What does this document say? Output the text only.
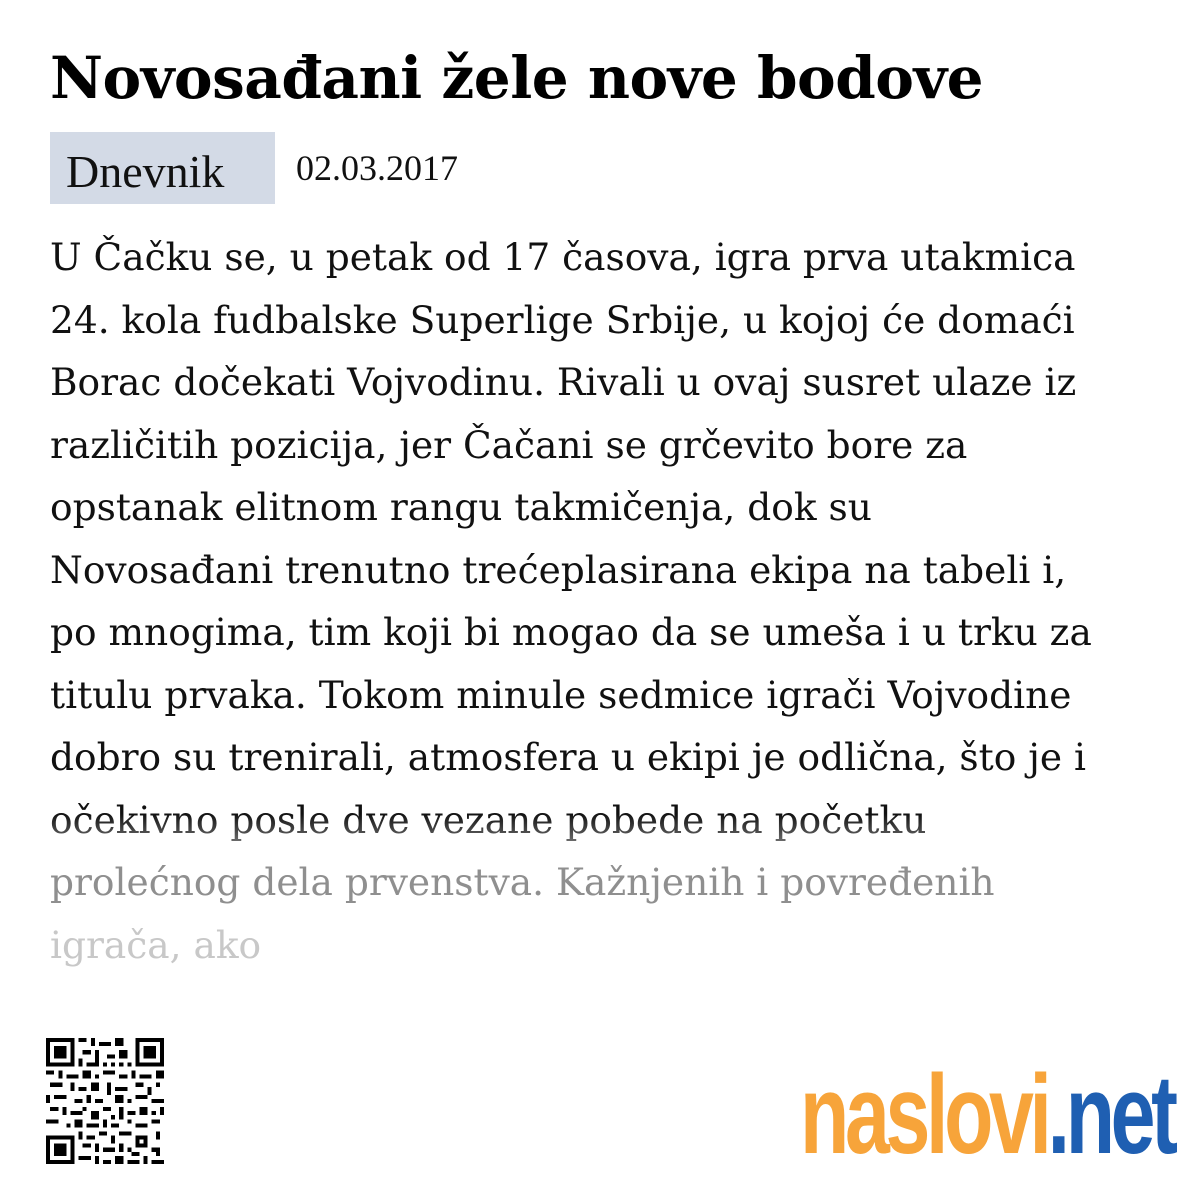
Novosađani žele nove bodove
Dnevnik	02.03.2017
U Čačku se, u petak od 17 časova, igra prva utakmica
24. kola fudbalske Superlige Srbije, u kojoj će domaći
Borac dočekati Vojvodinu. Rivali u ovaj susret ulaze iz
različitih pozicija, jer Čačani se grčevito bore za
opstanak elitnom rangu takmičenja, dok su
Novosađani trenutno trećeplasirana ekipa na tabeli i,
po mnogima, tim koji bi mogao da se umeša i u trku za
titulu prvaka. Tokom minule sedmice igrači Vojvodine
dobro su trenirali, atmosfera u ekipi je odlična, što je i
očekivno posle dve vezane pobede na početku
prolećnog dela prvenstva. Kažnjenih i povređenih
igrača, ako
naslovi.net
